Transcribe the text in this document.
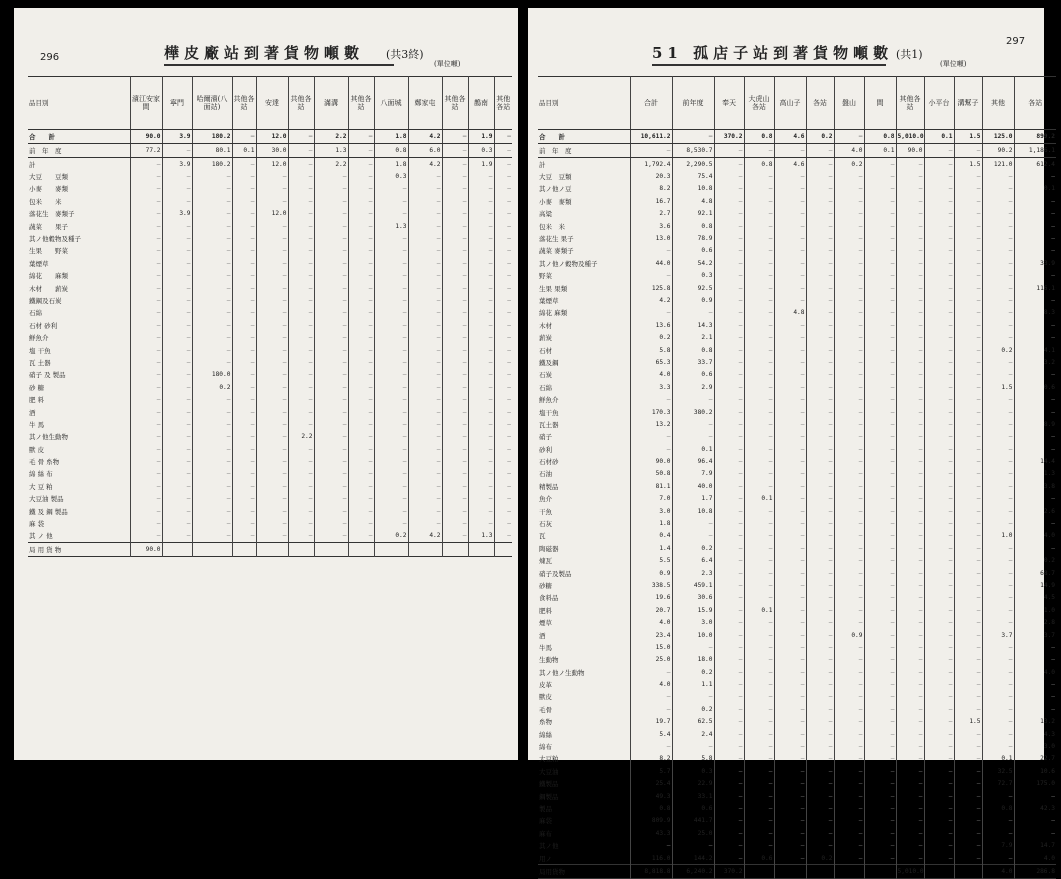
296	樺皮廠站到著貨物噸數 (共3終)
(單位噸)
品目別	濱江安家間	寧門	哈爾濱(八面站)	共他各站	安達	共他各站	滿溝	其他各站	八面城	鄭家屯	其他各站	鵲南	其他各站
合　　計	90.0	3.9	180.2	—	12.0	—	2.2	—	1.8	4.2	—	1.9	—
前　年　度	77.2	—	80.1	0.1	30.0	—	1.3	—	0.8	6.0	—	0.3	—
計	—	3.9	180.2	—	12.0	—	2.2	—	1.8	4.2	—	1.9	—
大豆　　豆類	—	—	—	—	—	—	—	—	0.3	—	—	—	—
小麥　　麥類	—	—	—	—	—	—	—	—	—	—	—	—	—
包米　　米	—	—	—	—	—	—	—	—	—	—	—	—	—
落花生　麥類子	—	3.9	—	—	12.0	—	—	—	—	—	—	—	—
蔬菜　　果子	—	—	—	—	—	—	—	—	1.3	—	—	—	—
其ノ他穀物及種子	—	—	—	—	—	—	—	—	—	—	—	—	—
生果　　野菜	—	—	—	—	—	—	—	—	—	—	—	—	—
葉煙草	—	—	—	—	—	—	—	—	—	—	—	—	—
綿花　　麻類	—	—	—	—	—	—	—	—	—	—	—	—	—
木材　　薪炭	—	—	—	—	—	—	—	—	—	—	—	—	—
鐵鋼及石炭	—	—	—	—	—	—	—	—	—	—	—	—	—
石綿	—	—	—	—	—	—	—	—	—	—	—	—	—
石材 砂利	—	—	—	—	—	—	—	—	—	—	—	—	—
鮮魚介	—	—	—	—	—	—	—	—	—	—	—	—	—
塩 干魚	—	—	—	—	—	—	—	—	—	—	—	—	—
瓦 土器	—	—	—	—	—	—	—	—	—	—	—	—	—
硝子 及 製品	—	—	180.0	—	—	—	—	—	—	—	—	—	—
砂 糖	—	—	0.2	—	—	—	—	—	—	—	—	—	—
肥 料	—	—	—	—	—	—	—	—	—	—	—	—	—
酒	—	—	—	—	—	—	—	—	—	—	—	—	—
牛 馬	—	—	—	—	—	—	—	—	—	—	—	—	—
其ノ他生動物	—	—	—	—	—	2.2	—	—	—	—	—	—	—
獸 皮	—	—	—	—	—	—	—	—	—	—	—	—	—
毛 骨 糸物	—	—	—	—	—	—	—	—	—	—	—	—	—
綿 絲 布	—	—	—	—	—	—	—	—	—	—	—	—	—
大 豆 粕	—	—	—	—	—	—	—	—	—	—	—	—	—
大豆油 製品	—	—	—	—	—	—	—	—	—	—	—	—	—
鐵 及 鋼 製品	—	—	—	—	—	—	—	—	—	—	—	—	—
麻 袋	—	—	—	—	—	—	—	—	—	—	—	—	—
其 ノ 他	—	—	—	—	—	—	—	—	0.2	4.2	—	1.3	—
局 用 貨 物	90.0												
297
51 孤店子站到著貨物噸數 (共1)
(單位噸)
品目別	合計	前年度	奉天	大虎山各站	高山子	各站	盤山	間	其他各站	小平台	溝幫子	其他	各站
合　　計	10,611.2	—	370.2	0.8	4.6	0.2	—	0.8	5,010.0	0.1	1.5	125.0	899.2
前　年　度	—	8,530.7	—	—	—	—	4.0	0.1	90.0	—	—	90.2	1,186.1
計	1,792.4	2,290.5	—	0.8	4.6	—	0.2	—	—	—	1.5	121.0	612.4
大豆　豆類	20.3	75.4	—	—	—	—	—	—	—	—	—	—	—
其ノ他ノ豆	8.2	10.8	—	—	—	—	—	—	—	—	—	—	0.1
小麥　麥類	16.7	4.8	—	—	—	—	—	—	—	—	—	—	—
高粱	2.7	92.1	—	—	—	—	—	—	—	—	—	—	—
包米　米	3.6	0.8	—	—	—	—	—	—	—	—	—	—	—
落花生 果子	13.0	78.9	—	—	—	—	—	—	—	—	—	—	—
蔬菜 麥類子	—	0.6	—	—	—	—	—	—	—	—	—	—	—
其ノ他ノ穀物及種子	44.0	54.2	—	—	—	—	—	—	—	—	—	—	33.9
野菜	—	0.3	—	—	—	—	—	—	—	—	—	—	—
生果 果類	125.8	92.5	—	—	—	—	—	—	—	—	—	—	116.1
葉煙草	4.2	0.9	—	—	—	—	—	—	—	—	—	—	—
綿花 麻類	—	—	—	—	4.8	—	—	—	—	—	—	—	8.3
木材	13.6	14.3	—	—	—	—	—	—	—	—	—	—	—
薪炭	0.2	2.1	—	—	—	—	—	—	—	—	—	—	—
石材	5.8	0.8	—	—	—	—	—	—	—	—	—	0.2	4.1
鐵及鋼	65.3	33.7	—	—	—	—	—	—	—	—	—	—	3.2
石炭	4.0	0.6	—	—	—	—	—	—	—	—	—	—	—
石綿	3.3	2.9	—	—	—	—	—	—	—	—	—	1.5	0.6
鮮魚介	—	—	—	—	—	—	—	—	—	—	—	—	—
塩干魚	170.3	380.2	—	—	—	—	—	—	—	—	—	—	—
瓦土器	13.2	—	—	—	—	—	—	—	—	—	—	—	8.9
硝子	—	—	—	—	—	—	—	—	—	—	—	—	—
砂利	—	0.1	—	—	—	—	—	—	—	—	—	—	—
石材砂	90.0	96.4	—	—	—	—	—	—	—	—	—	—	14.4
石油	50.8	7.9	—	—	—	—	—	—	—	—	—	—	1.3
精製品	81.1	40.0	—	—	—	—	—	—	—	—	—	—	3.8
魚介	7.0	1.7	—	0.1	—	—	—	—	—	—	—	—	—
干魚	3.0	10.8	—	—	—	—	—	—	—	—	—	—	2.6
石灰	1.8	—	—	—	—	—	—	—	—	—	—	—	—
瓦	0.4	—	—	—	—	—	—	—	—	—	—	1.0	4.0
陶磁器	1.4	0.2	—	—	—	—	—	—	—	—	—	—	—
煉瓦	5.5	6.4	—	—	—	—	—	—	—	—	—	—	0.2
硝子及製品	0.9	2.3	—	—	—	—	—	—	—	—	—	—	68.7
砂糖	338.5	459.1	—	—	—	—	—	—	—	—	—	—	14.9
食料品	19.6	30.6	—	—	—	—	—	—	—	—	—	—	4.5
肥料	20.7	15.9	—	0.1	—	—	—	—	—	—	—	—	1.0
煙草	4.0	3.0	—	—	—	—	—	—	—	—	—	—	2.8
酒	23.4	10.0	—	—	—	—	0.9	—	—	—	—	3.7	3.7
牛馬	15.0	—	—	—	—	—	—	—	—	—	—	—	—
生動物	25.0	18.0	—	—	—	—	—	—	—	—	—	—	—
其ノ他ノ生動物	—	0.2	—	—	—	—	—	—	—	—	—	—	4.0
皮革	4.0	1.1	—	—	—	—	—	—	—	—	—	—	—
獸皮	—	—	—	—	—	—	—	—	—	—	—	—	—
毛骨	—	0.2	—	—	—	—	—	—	—	—	—	—	—
糸物	19.7	62.5	—	—	—	—	—	—	—	—	1.5	—	13.2
綿絲	5.4	2.4	—	—	—	—	—	—	—	—	—	—	4.3
綿布	—	—	—	—	—	—	—	—	—	—	—	—	3.0
大豆粕	8.2	5.8	—	—	—	—	—	—	—	—	—	0.1	22.7
大豆油	5.7	0.3	—	—	—	—	—	—	—	—	—	32.5	10.6
鐵製品	25.4	22.9	—	—	—	—	—	—	—	—	—	72.7	175.0
鋼製品	49.3	33.1	—	—	—	—	—	—	—	—	—	—	—
製品	0.8	0.6	—	—	—	—	—	—	—	—	—	0.8	42.3
麻袋	809.9	441.7	—	—	—	—	—	—	—	—	—	—	—
麻布	43.3	25.0	—	—	—	—	—	—	—	—	—	—	—
其ノ他	—	—	—	—	—	—	—	—	—	—	—	7.9	14.7
用ノ	116.0	144.2	—	0.6	—	0.2	—	—	—	—	—	—	4.0
局用貨物	8,818.8	6,240.2	370.2						5,010.0			4.0	286.8
